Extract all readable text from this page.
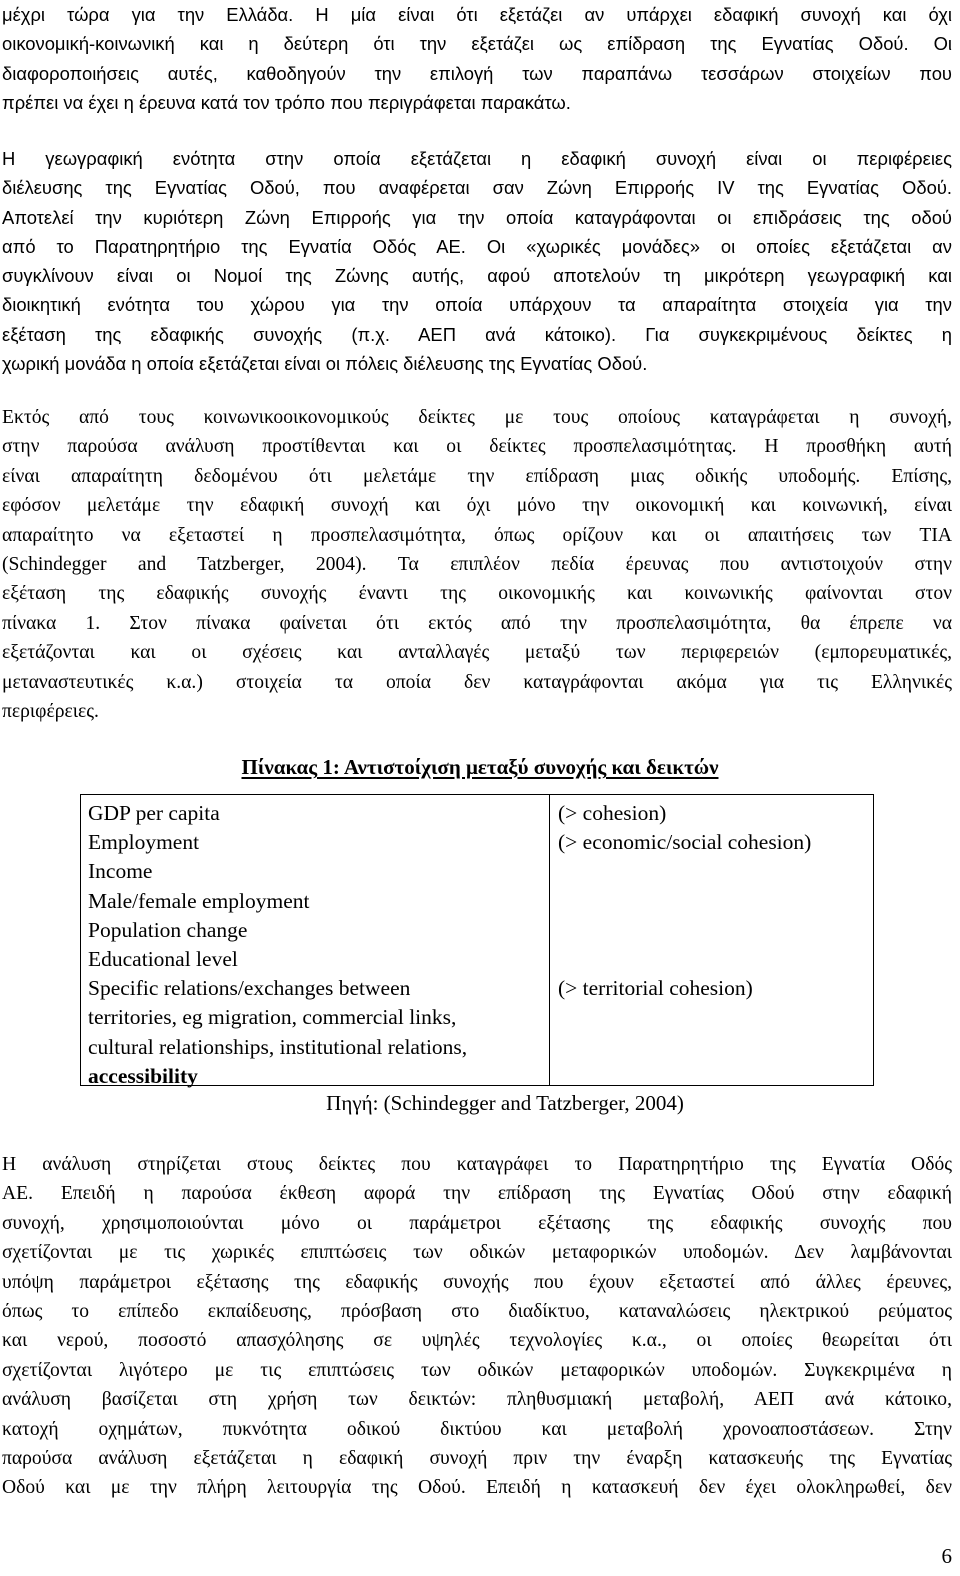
μέχρι τώρα για την Ελλάδα. Η μία είναι ότι εξετάζει αν υπάρχει εδαφική συνοχή και όχι
οικονομική-κοινωνική και η δεύτερη ότι την εξετάζει ως επίδραση της Εγνατίας Οδού. Οι
διαφοροποιήσεις αυτές, καθοδηγούν την επιλογή των παραπάνω τεσσάρων στοιχείων που
πρέπει να έχει η έρευνα κατά τον τρόπο που περιγράφεται παρακάτω.
Η γεωγραφική ενότητα στην οποία εξετάζεται η εδαφική συνοχή είναι οι περιφέρειες
διέλευσης της Εγνατίας Οδού, που αναφέρεται σαν Ζώνη Επιρροής IV της Εγνατίας Οδού.
Αποτελεί την κυριότερη Ζώνη Επιρροής για την οποία καταγράφονται οι επιδράσεις της οδού
από το Παρατηρητήριο της Εγνατία Οδός ΑΕ. Οι «χωρικές μονάδες» οι οποίες εξετάζεται αν
συγκλίνουν είναι οι Νομοί της Ζώνης αυτής, αφού αποτελούν τη μικρότερη γεωγραφική και
διοικητική ενότητα του χώρου για την οποία υπάρχουν τα απαραίτητα στοιχεία για την
εξέταση της εδαφικής συνοχής (π.χ. ΑΕΠ ανά κάτοικο). Για συγκεκριμένους δείκτες η
χωρική μονάδα η οποία εξετάζεται είναι οι πόλεις διέλευσης της Εγνατίας Οδού.
Εκτός από τους κοινωνικοοικονομικούς δείκτες με τους οποίους καταγράφεται η συνοχή,
στην παρούσα ανάλυση προστίθενται και οι δείκτες προσπελασιμότητας. Η προσθήκη αυτή
είναι απαραίτητη δεδομένου ότι μελετάμε την επίδραση μιας οδικής υποδομής. Επίσης,
εφόσον μελετάμε την εδαφική συνοχή και όχι μόνο την οικονομική και κοινωνική, είναι
απαραίτητο να εξεταστεί η προσπελασιμότητα, όπως ορίζουν και οι απαιτήσεις των TIA
(Schindegger and Tatzberger, 2004). Τα επιπλέον πεδία έρευνας που αντιστοιχούν στην
εξέταση της εδαφικής συνοχής έναντι της οικονομικής και κοινωνικής φαίνονται στον
πίνακα 1. Στον πίνακα φαίνεται ότι εκτός από την προσπελασιμότητα, θα έπρεπε να
εξετάζονται και οι σχέσεις και ανταλλαγές μεταξύ των περιφερειών (εμπορευματικές,
μεταναστευτικές κ.α.) στοιχεία τα οποία δεν καταγράφονται ακόμα για τις Ελληνικές
περιφέρειες.
Πίνακας 1: Αντιστοίχιση μεταξύ συνοχής και δεικτών
GDP per capita
Employment
Income
Male/female employment
Population change
Educational level
Specific relations/exchanges between
territories, eg migration, commercial links,
cultural relationships, institutional relations,
accessibility
(> cohesion)
(> economic/social cohesion)
(> territorial cohesion)
Πηγή: (Schindegger and Tatzberger, 2004)
Η ανάλυση στηρίζεται στους δείκτες που καταγράφει το Παρατηρητήριο της Εγνατία Οδός
ΑΕ. Επειδή η παρούσα έκθεση αφορά την επίδραση της Εγνατίας Οδού στην εδαφική
συνοχή, χρησιμοποιούνται μόνο οι παράμετροι εξέτασης της εδαφικής συνοχής που
σχετίζονται με τις χωρικές επιπτώσεις των οδικών μεταφορικών υποδομών. Δεν λαμβάνονται
υπόψη παράμετροι εξέτασης της εδαφικής συνοχής που έχουν εξεταστεί από άλλες έρευνες,
όπως το επίπεδο εκπαίδευσης, πρόσβαση στο διαδίκτυο, καταναλώσεις ηλεκτρικού ρεύματος
και νερού, ποσοστό απασχόλησης σε υψηλές τεχνολογίες κ.α., οι οποίες θεωρείται ότι
σχετίζονται λιγότερο με τις επιπτώσεις των οδικών μεταφορικών υποδομών. Συγκεκριμένα η
ανάλυση βασίζεται στη χρήση των δεικτών: πληθυσμιακή μεταβολή, ΑΕΠ ανά κάτοικο,
κατοχή οχημάτων, πυκνότητα οδικού δικτύου και μεταβολή χρονοαποστάσεων. Στην
παρούσα ανάλυση εξετάζεται η εδαφική συνοχή πριν την έναρξη κατασκευής της Εγνατίας
Οδού και με την πλήρη λειτουργία της Οδού. Επειδή η κατασκευή δεν έχει ολοκληρωθεί, δεν
6
